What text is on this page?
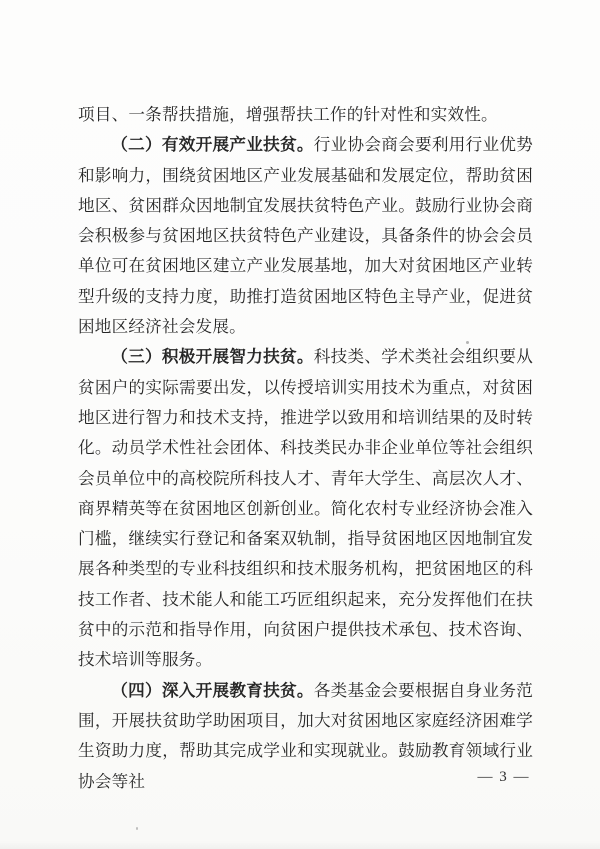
项目、一条帮扶措施，增强帮扶工作的针对性和实效性。

（二）有效开展产业扶贫。行业协会商会要利用行业优势和影响力，围绕贫困地区产业发展基础和发展定位，帮助贫困地区、贫困群众因地制宜发展扶贫特色产业。鼓励行业协会商会积极参与贫困地区扶贫特色产业建设，具备条件的协会会员单位可在贫困地区建立产业发展基地，加大对贫困地区产业转型升级的支持力度，助推打造贫困地区特色主导产业，促进贫困地区经济社会发展。

（三）积极开展智力扶贫。科技类、学术类社会组织要从贫困户的实际需要出发，以传授培训实用技术为重点，对贫困地区进行智力和技术支持，推进学以致用和培训结果的及时转化。动员学术性社会团体、科技类民办非企业单位等社会组织会员单位中的高校院所科技人才、青年大学生、高层次人才、商界精英等在贫困地区创新创业。简化农村专业经济协会准入门槛，继续实行登记和备案双轨制，指导贫困地区因地制宜发展各种类型的专业科技组织和技术服务机构，把贫困地区的科技工作者、技术能人和能工巧匠组织起来，充分发挥他们在扶贫中的示范和指导作用，向贫困户提供技术承包、技术咨询、技术培训等服务。

（四）深入开展教育扶贫。各类基金会要根据自身业务范围，开展扶贫助学助困项目，加大对贫困地区家庭经济困难学生资助力度，帮助其完成学业和实现就业。鼓励教育领域行业协会等社	— 3 —
